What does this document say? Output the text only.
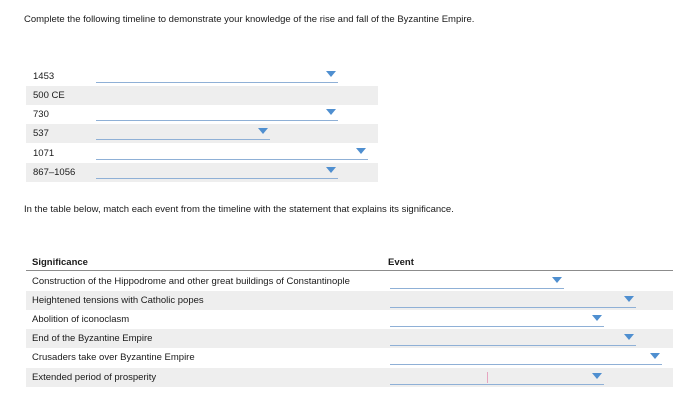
Complete the following timeline to demonstrate your knowledge of the rise and fall of the Byzantine Empire.
1453
500 CE
730
537
1071
867–1056
In the table below, match each event from the timeline with the statement that explains its significance.
Significance	Event
Construction of the Hippodrome and other great buildings of Constantinople
Heightened tensions with Catholic popes
Abolition of iconoclasm
End of the Byzantine Empire
Crusaders take over Byzantine Empire
Extended period of prosperity
